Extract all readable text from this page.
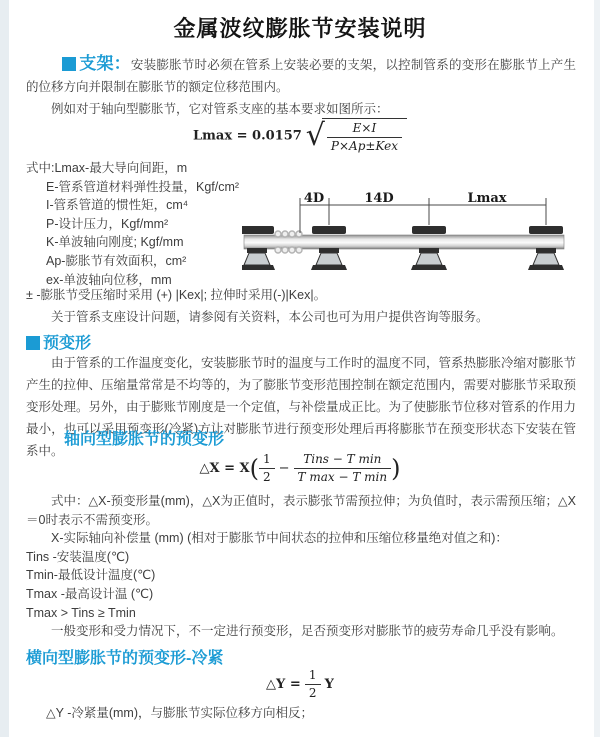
金属波纹膨胀节安装说明

支架：安装膨胀节时必须在管系上安装必要的支架，以控制管系的变形在膨胀节上产生的位移方向并限制在膨胀节的额定位移范围内。

例如对于轴向型膨胀节，它对管系支座的基本要求如图所示：

Lmax = 0.0157 √ $\frac{E\times I}{\text{P×Ap±Kex}}$

式中:Lmax-最大导向间距，m

E-管系管道材料弹性投量，Kgf/cm²

I-管系管道的惯性矩，cm⁴

P-设计压力，Kgf/mm²

K-单波轴向刚度; Kgf/mm

Ap-膨胀节有效面积，cm²

ex-单波轴向位移，mm

4D	14D	Lmax

± -膨胀节受压缩时采用 (+) |Kex|; 拉伸时采用(-)|Kex|。

关于管系支座设计问题，请参阅有关资料，本公司也可为用户提供咨询等服务。

预变形

由于管系的工作温度变化，安装膨胀节时的温度与工作时的温度不同，管系热膨胀冷缩对膨胀节产生的拉伸、压缩量常常是不均等的，为了膨胀节变形范围控制在额定范围内，需要对膨胀节采取预变形处理。另外，由于膨账节刚度是一个定值，与补偿量成正比。为了使膨胀节位移对管系的作用力最小，也可以采用预变形(冷紧)方让对膨胀节进行预变形处理后再将膨胀节在预变形状态下安装在管系中。

轴向型膨胀节的预变形

△X = $X( \frac{1}{2} - \frac{\text{Tins − T min}}{\text{T max − T min}}$ )

式中：△X-预变形量(mm)，△X为正值时，表示膨张节需预拉伸；为负值时，表示需预压缩；△X＝0时表示不需预变形。

X-实际轴向补偿量 (mm) (相对于膨胀节中间状态的拉伸和压缩位移量绝对值之和)：

Tins -安装温度(℃)

Tmin-最低设计温度(℃)

Tmax -最高设计温 (℃)

Tmax > Tins ≥ Tmin

一般变形和受力情况下，不一定进行预变形，足否预变形对膨胀节的疲劳寿命几乎没有影响。

横向型膨胀节的预变形-冷紧

△Y = $\frac{1}{2}$ Y

△Y -冷紧量(mm)，与膨胀节实际位移方向相反；
